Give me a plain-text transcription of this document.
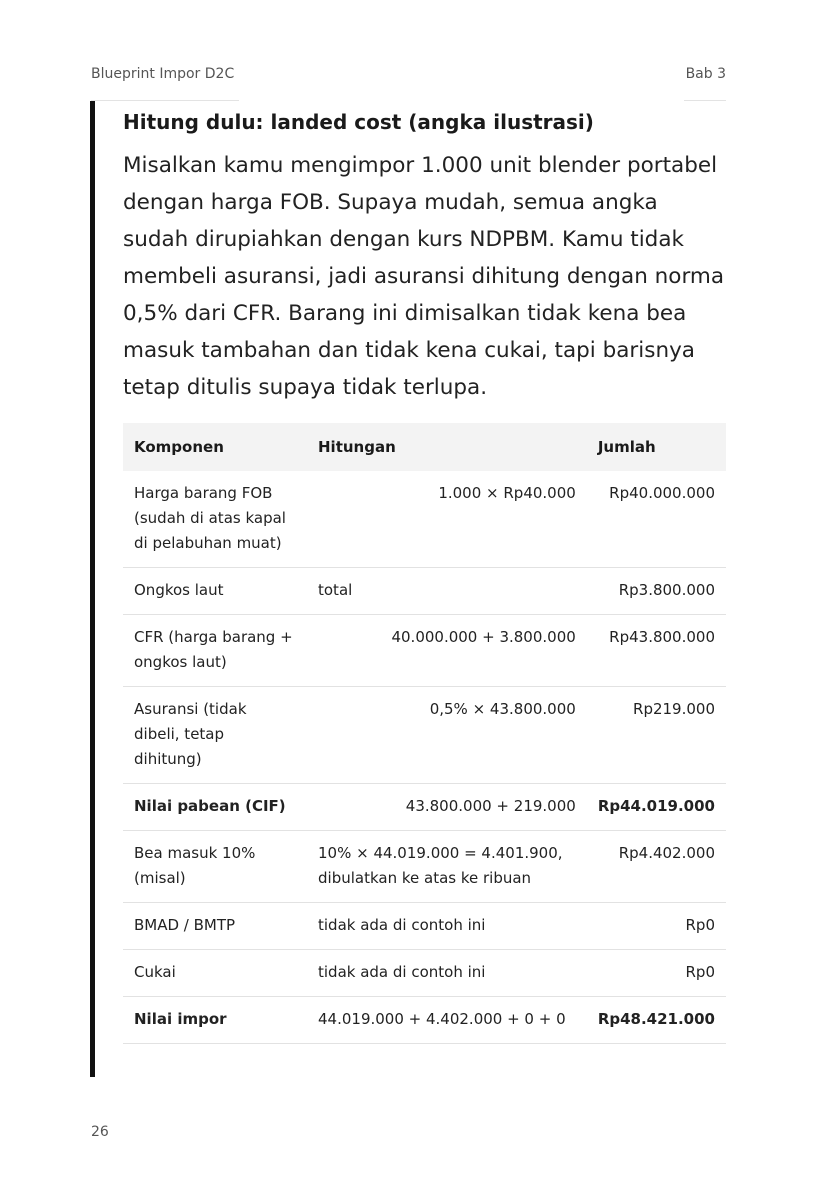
Blueprint Impor D2C	Bab 3
Hitung dulu: landed cost (angka ilustrasi)
Misalkan kamu mengimpor 1.000 unit blender portabel dengan harga FOB. Supaya mudah, semua angka sudah dirupiahkan dengan kurs NDPBM. Kamu tidak membeli asuransi, jadi asuransi dihitung dengan norma 0,5% dari CFR. Barang ini dimisalkan tidak kena bea masuk tambahan dan tidak kena cukai, tapi barisnya tetap ditulis supaya tidak terlupa.
Komponen	Hitungan	Jumlah
Harga barang FOB (sudah di atas kapal di pelabuhan muat)	1.000 × Rp40.000	Rp40.000.000
Ongkos laut	total	Rp3.800.000
CFR (harga barang + ongkos laut)	40.000.000 + 3.800.000	Rp43.800.000
Asuransi (tidak dibeli, tetap dihitung)	0,5% × 43.800.000	Rp219.000
Nilai pabean (CIF)	43.800.000 + 219.000	Rp44.019.000
Bea masuk 10% (misal)	10% × 44.019.000 = 4.401.900, dibulatkan ke atas ke ribuan	Rp4.402.000
BMAD / BMTP	tidak ada di contoh ini	Rp0
Cukai	tidak ada di contoh ini	Rp0
Nilai impor	44.019.000 + 4.402.000 + 0 + 0	Rp48.421.000
26
